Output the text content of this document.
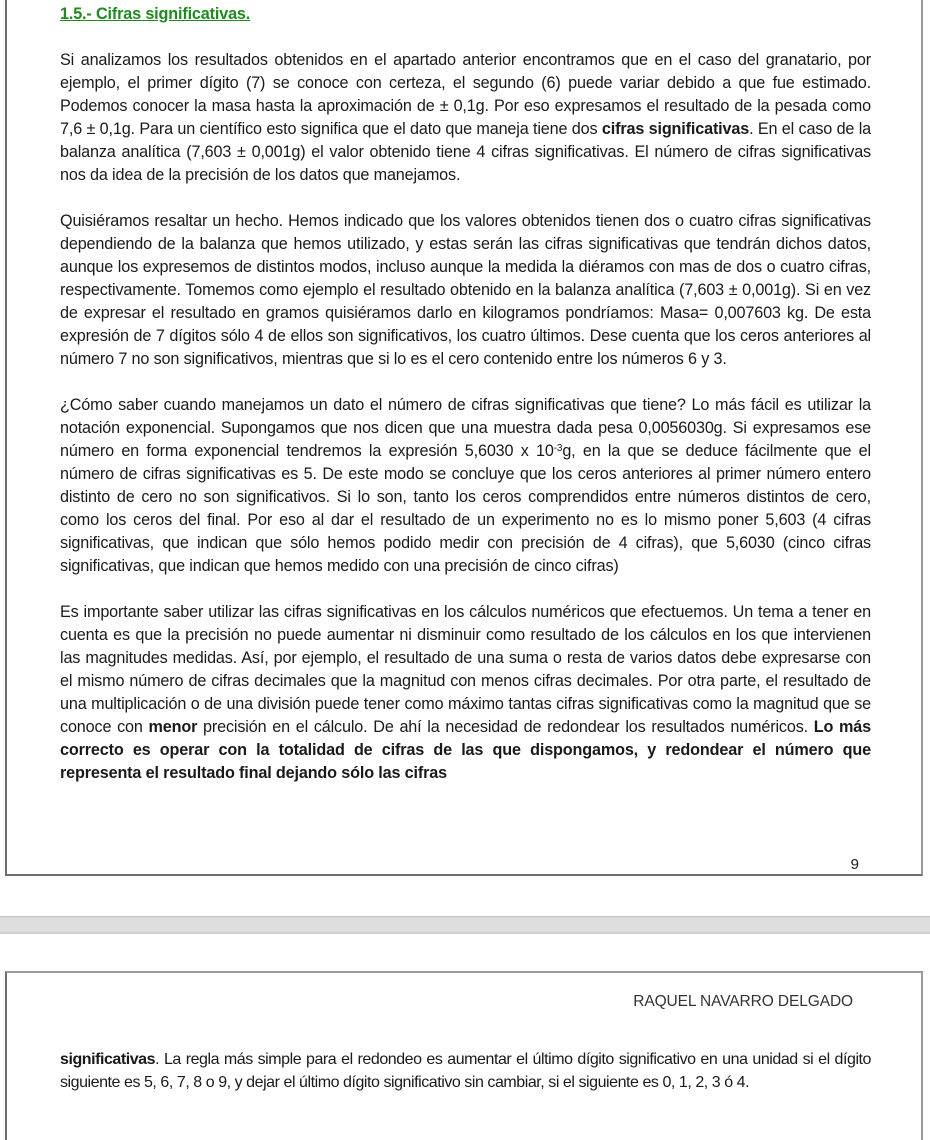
1.5.- Cifras significativas.

Si analizamos los resultados obtenidos en el apartado anterior encontramos que en el caso del granatario, por ejemplo, el primer dígito (7) se conoce con certeza, el segundo (6) puede variar debido a que fue estimado. Podemos conocer la masa hasta la aproximación de ± 0,1g. Por eso expresamos el resultado de la pesada como 7,6 ± 0,1g. Para un científico esto significa que el dato que maneja tiene dos cifras significativas. En el caso de la balanza analítica (7,603 ± 0,001g) el valor obtenido tiene 4 cifras significativas. El número de cifras significativas nos da idea de la precisión de los datos que manejamos.

Quisiéramos resaltar un hecho. Hemos indicado que los valores obtenidos tienen dos o cuatro cifras significativas dependiendo de la balanza que hemos utilizado, y estas serán las cifras significativas que tendrán dichos datos, aunque los expresemos de distintos modos, incluso aunque la medida la diéramos con mas de dos o cuatro cifras, respectivamente. Tomemos como ejemplo el resultado obtenido en la balanza analítica (7,603 ± 0,001g). Si en vez de expresar el resultado en gramos quisiéramos darlo en kilogramos pondríamos: Masa= 0,007603 kg. De esta expresión de 7 dígitos sólo 4 de ellos son significativos, los cuatro últimos. Dese cuenta que los ceros anteriores al número 7 no son significativos, mientras que si lo es el cero contenido entre los números 6 y 3.

¿Cómo saber cuando manejamos un dato el número de cifras significativas que tiene? Lo más fácil es utilizar la notación exponencial. Supongamos que nos dicen que una muestra dada pesa 0,0056030g. Si expresamos ese número en forma exponencial tendremos la expresión 5,6030 x $10^{-3}g$, en la que se deduce fácilmente que el número de cifras significativas es 5. De este modo se concluye que los ceros anteriores al primer número entero distinto de cero no son significativos. Si lo son, tanto los ceros comprendidos entre números distintos de cero, como los ceros del final. Por eso al dar el resultado de un experimento no es lo mismo poner 5,603 (4 cifras significativas, que indican que sólo hemos podido medir con precisión de 4 cifras), que 5,6030 (cinco cifras significativas, que indican que hemos medido con una precisión de cinco cifras)

Es importante saber utilizar las cifras significativas en los cálculos numéricos que efectuemos. Un tema a tener en cuenta es que la precisión no puede aumentar ni disminuir como resultado de los cálculos en los que intervienen las magnitudes medidas. Así, por ejemplo, el resultado de una suma o resta de varios datos debe expresarse con el mismo número de cifras decimales que la magnitud con menos cifras decimales. Por otra parte, el resultado de una multiplicación o de una división puede tener como máximo tantas cifras significativas como la magnitud que se conoce con menor precisión en el cálculo. De ahí la necesidad de redondear los resultados numéricos. Lo más correcto es operar con la totalidad de cifras de las que dispongamos, y redondear el número que representa el resultado final dejando sólo las cifras

9
RAQUEL NAVARRO DELGADO

significativas. La regla más simple para el redondeo es aumentar el último dígito significativo en una unidad si el dígito siguiente es 5, 6, 7, 8 o 9, y dejar el último dígito significativo sin cambiar, si el siguiente es 0, 1, 2, 3 ó 4.
